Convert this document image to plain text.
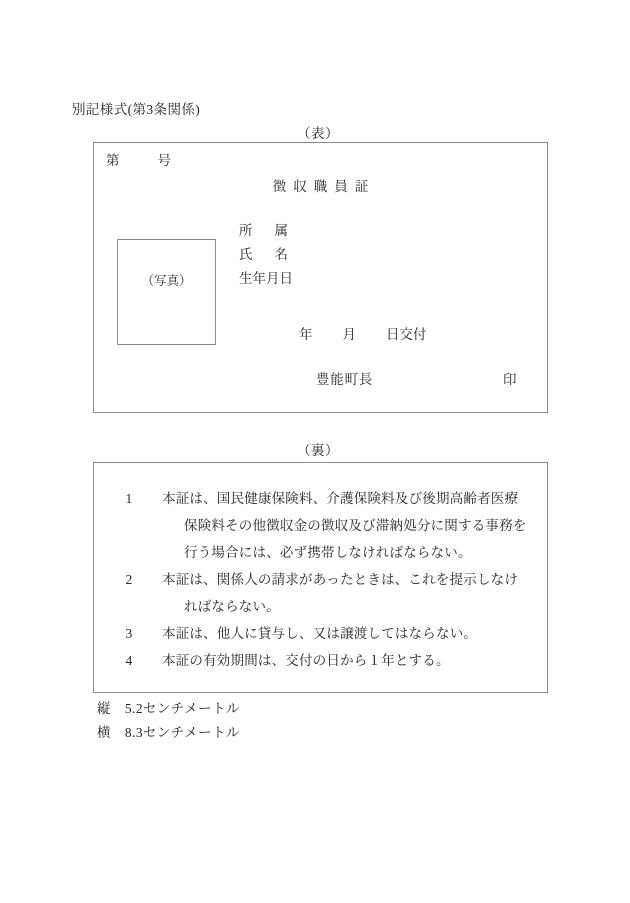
別記様式(第3条関係)
（表）
第	号
徴収職員証
（写真）
所 属
氏 名
生年月日
年 月 日交付
豊能町長	印
（裏）
1 本証は、国民健康保険料、介護保険料及び後期高齢者医療保険料その他徴収金の徴収及び滞納処分に関する事務を行う場合には、必ず携帯しなければならない。
2 本証は、関係人の請求があったときは、これを提示しなければならない。
3 本証は、他人に貸与し、又は譲渡してはならない。
4 本証の有効期間は、交付の日から１年とする。
縦 5.2センチメートル
横 8.3センチメートル
